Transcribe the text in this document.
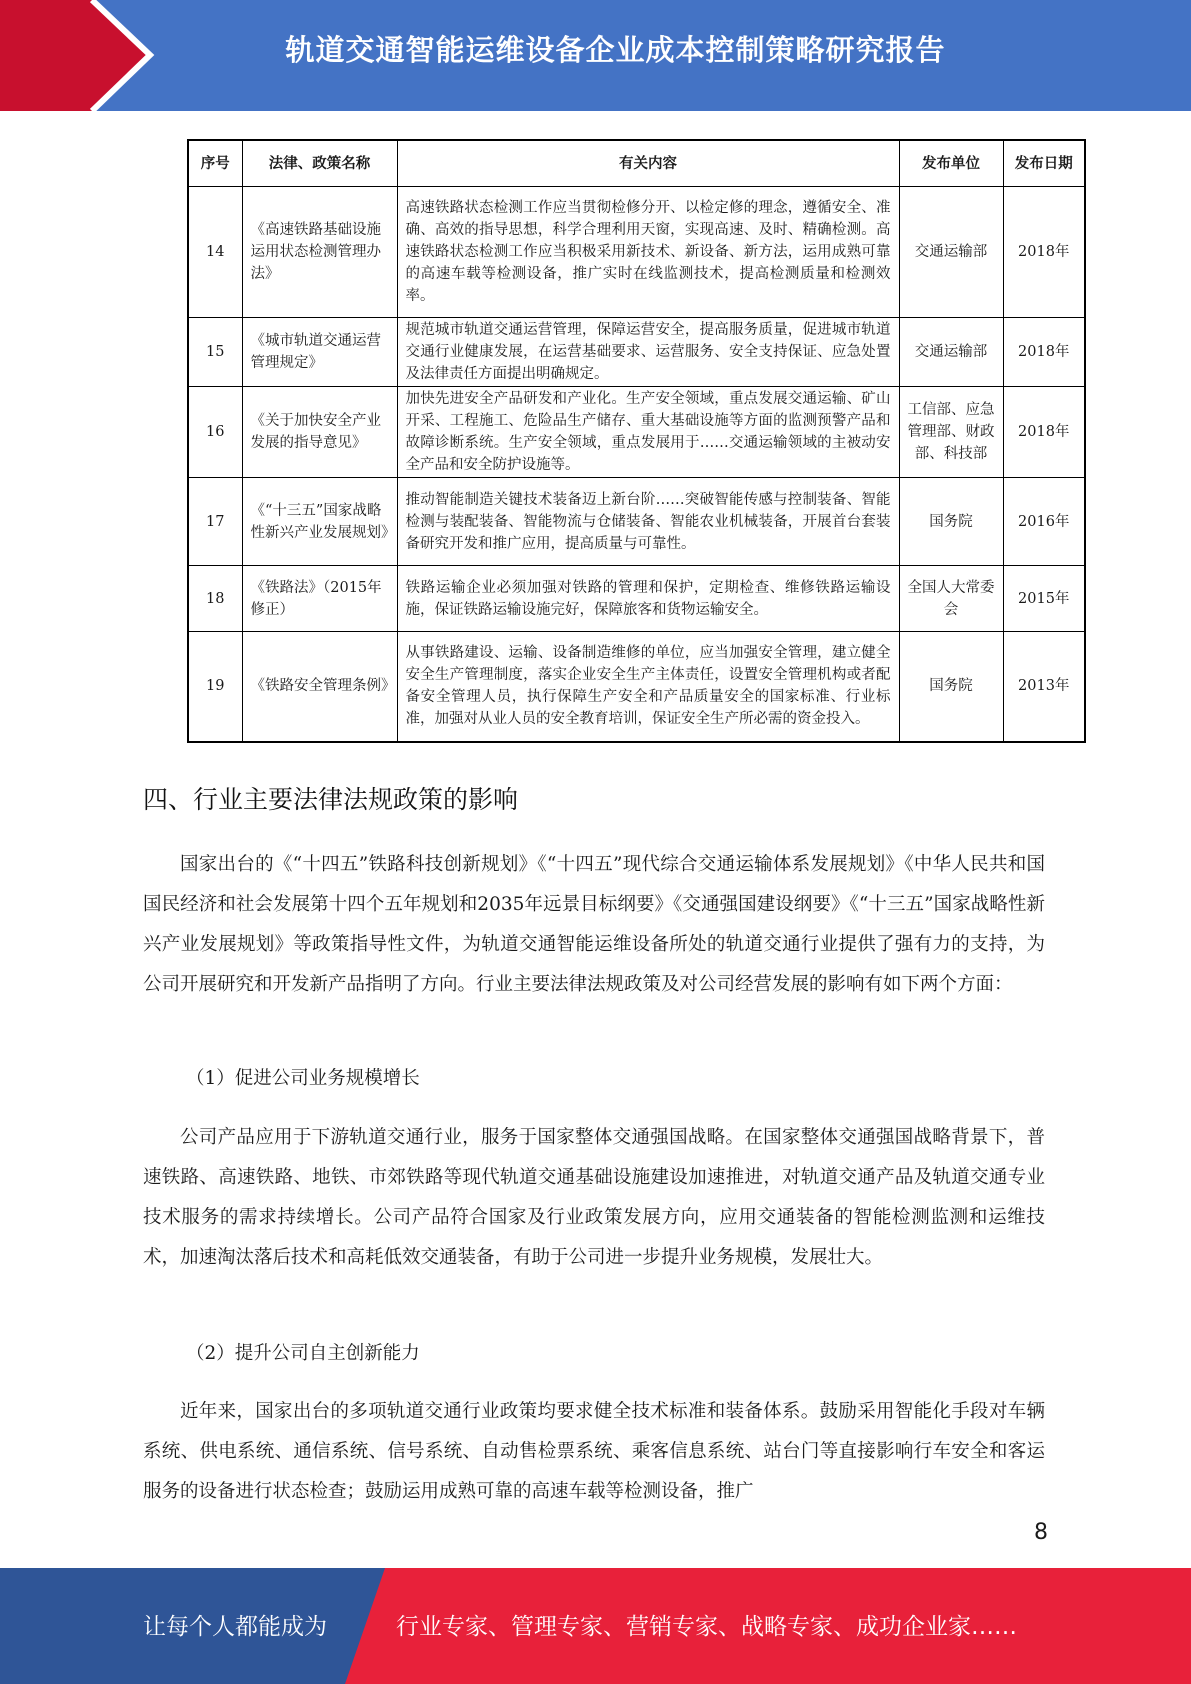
轨道交通智能运维设备企业成本控制策略研究报告
序号	法律、政策名称	有关内容	发布单位	发布日期
14	《高速铁路基础设施运用状态检测管理办法》	高速铁路状态检测工作应当贯彻检修分开、以检定修的理念，遵循安全、准确、高效的指导思想，科学合理利用天窗，实现高速、及时、精确检测。高速铁路状态检测工作应当积极采用新技术、新设备、新方法，运用成熟可靠的高速车载等检测设备，推广实时在线监测技术，提高检测质量和检测效率。	交通运输部	2018年
15	《城市轨道交通运营管理规定》	规范城市轨道交通运营管理，保障运营安全，提高服务质量，促进城市轨道交通行业健康发展，在运营基础要求、运营服务、安全支持保证、应急处置及法律责任方面提出明确规定。	交通运输部	2018年
16	《关于加快安全产业发展的指导意见》	加快先进安全产品研发和产业化。生产安全领域，重点发展交通运输、矿山开采、工程施工、危险品生产储存、重大基础设施等方面的监测预警产品和故障诊断系统。生产安全领域，重点发展用于……交通运输领域的主被动安全产品和安全防护设施等。	工信部、应急管理部、财政部、科技部	2018年
17	《“十三五”国家战略性新兴产业发展规划》	推动智能制造关键技术装备迈上新台阶……突破智能传感与控制装备、智能检测与装配装备、智能物流与仓储装备、智能农业机械装备，开展首台套装备研究开发和推广应用，提高质量与可靠性。	国务院	2016年
18	《铁路法》（2015年修正）	铁路运输企业必须加强对铁路的管理和保护，定期检查、维修铁路运输设施，保证铁路运输设施完好，保障旅客和货物运输安全。	全国人大常委会	2015年
19	《铁路安全管理条例》	从事铁路建设、运输、设备制造维修的单位，应当加强安全管理，建立健全安全生产管理制度，落实企业安全生产主体责任，设置安全管理机构或者配备安全管理人员，执行保障生产安全和产品质量安全的国家标准、行业标准，加强对从业人员的安全教育培训，保证安全生产所必需的资金投入。	国务院	2013年
四、行业主要法律法规政策的影响

国家出台的《“十四五”铁路科技创新规划》《“十四五”现代综合交通运输体系发展规划》《中华人民共和国国民经济和社会发展第十四个五年规划和2035年远景目标纲要》《交通强国建设纲要》《“十三五”国家战略性新兴产业发展规划》等政策指导性文件，为轨道交通智能运维设备所处的轨道交通行业提供了强有力的支持，为公司开展研究和开发新产品指明了方向。行业主要法律法规政策及对公司经营发展的影响有如下两个方面：

（1）促进公司业务规模增长

公司产品应用于下游轨道交通行业，服务于国家整体交通强国战略。在国家整体交通强国战略背景下，普速铁路、高速铁路、地铁、市郊铁路等现代轨道交通基础设施建设加速推进，对轨道交通产品及轨道交通专业技术服务的需求持续增长。公司产品符合国家及行业政策发展方向，应用交通装备的智能检测监测和运维技术，加速淘汰落后技术和高耗低效交通装备，有助于公司进一步提升业务规模，发展壮大。

（2）提升公司自主创新能力

近年来，国家出台的多项轨道交通行业政策均要求健全技术标准和装备体系。鼓励采用智能化手段对车辆系统、供电系统、通信系统、信号系统、自动售检票系统、乘客信息系统、站台门等直接影响行车安全和客运服务的设备进行状态检查；鼓励运用成熟可靠的高速车载等检测设备，推广

8
让每个人都能成为	行业专家、管理专家、营销专家、战略专家、成功企业家……
